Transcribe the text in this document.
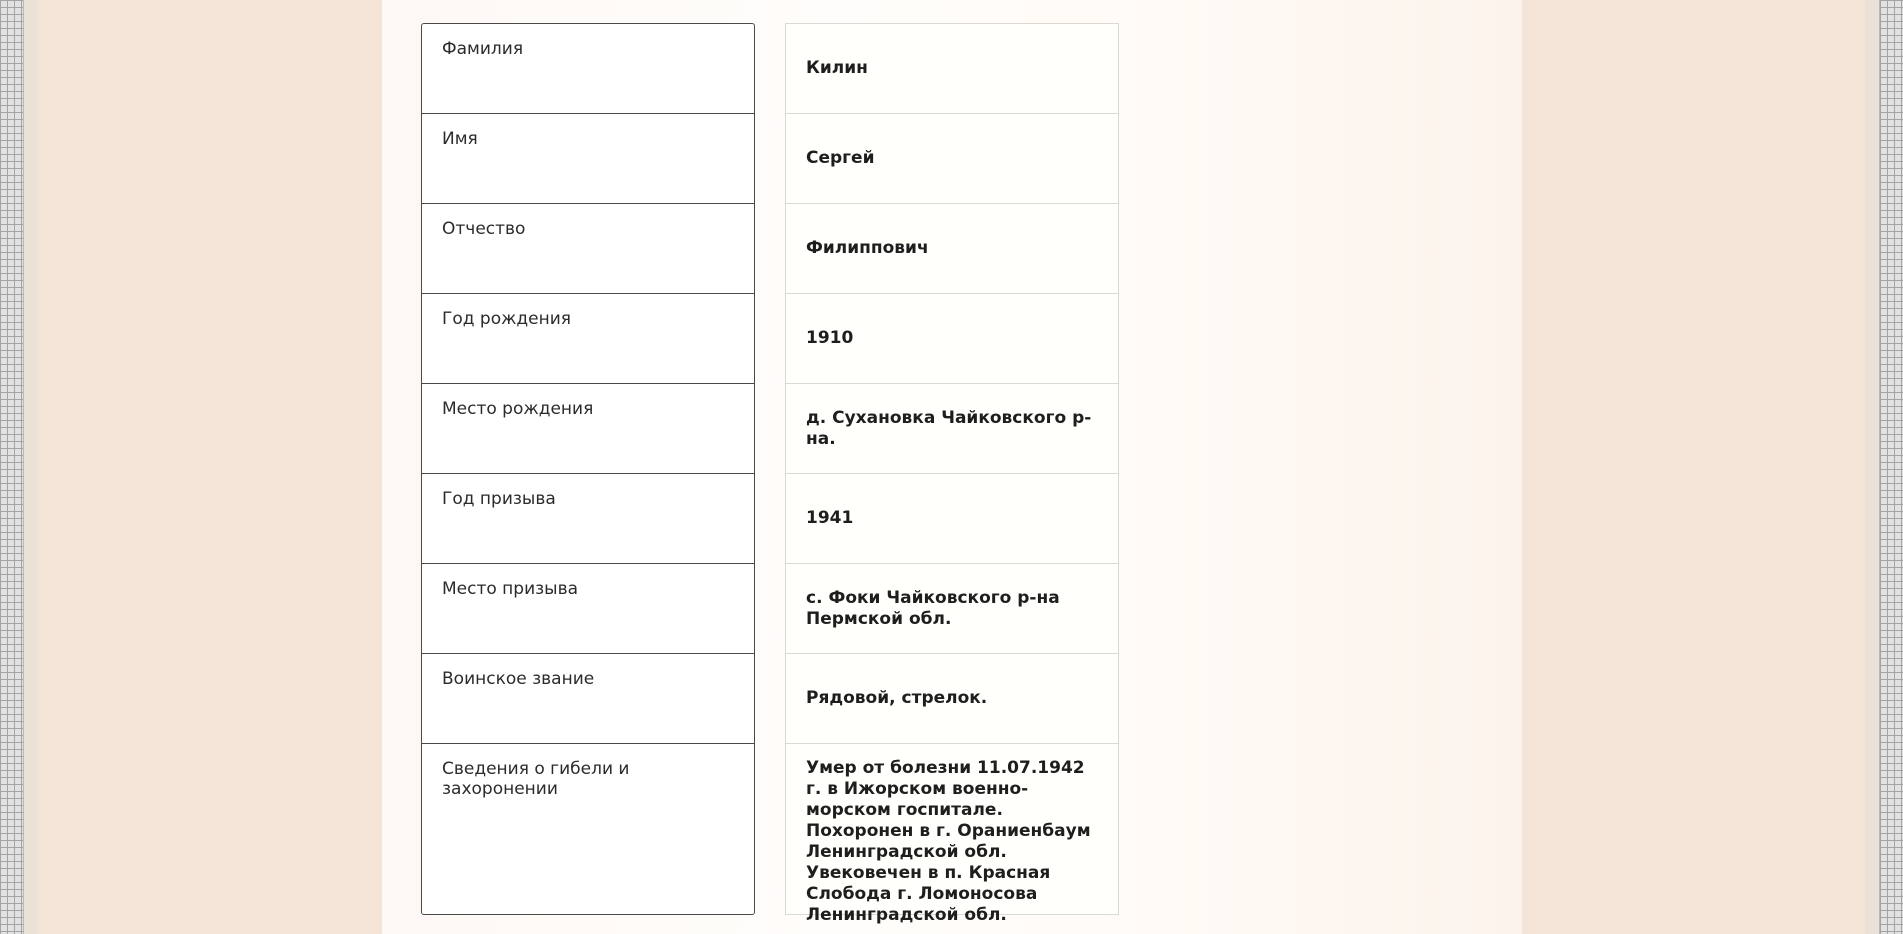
Фамилия
Килин
Имя
Сергей
Отчество
Филиппович
Год рождения
1910
Место рождения	д. Сухановка Чайковского р-на.
Год призыва
1941
Место призыва	с. Фоки Чайковского р-на Пермской обл.
Воинское звание
Рядовой, стрелок.
Сведения о гибели и захоронении
Умер от болезни 11.07.1942 г. в Ижорском военно-морском госпитале. Похоронен в г. Ораниенбаум Ленинградской обл. Увековечен в п. Красная Слобода г. Ломоносова Ленинградской обл.
